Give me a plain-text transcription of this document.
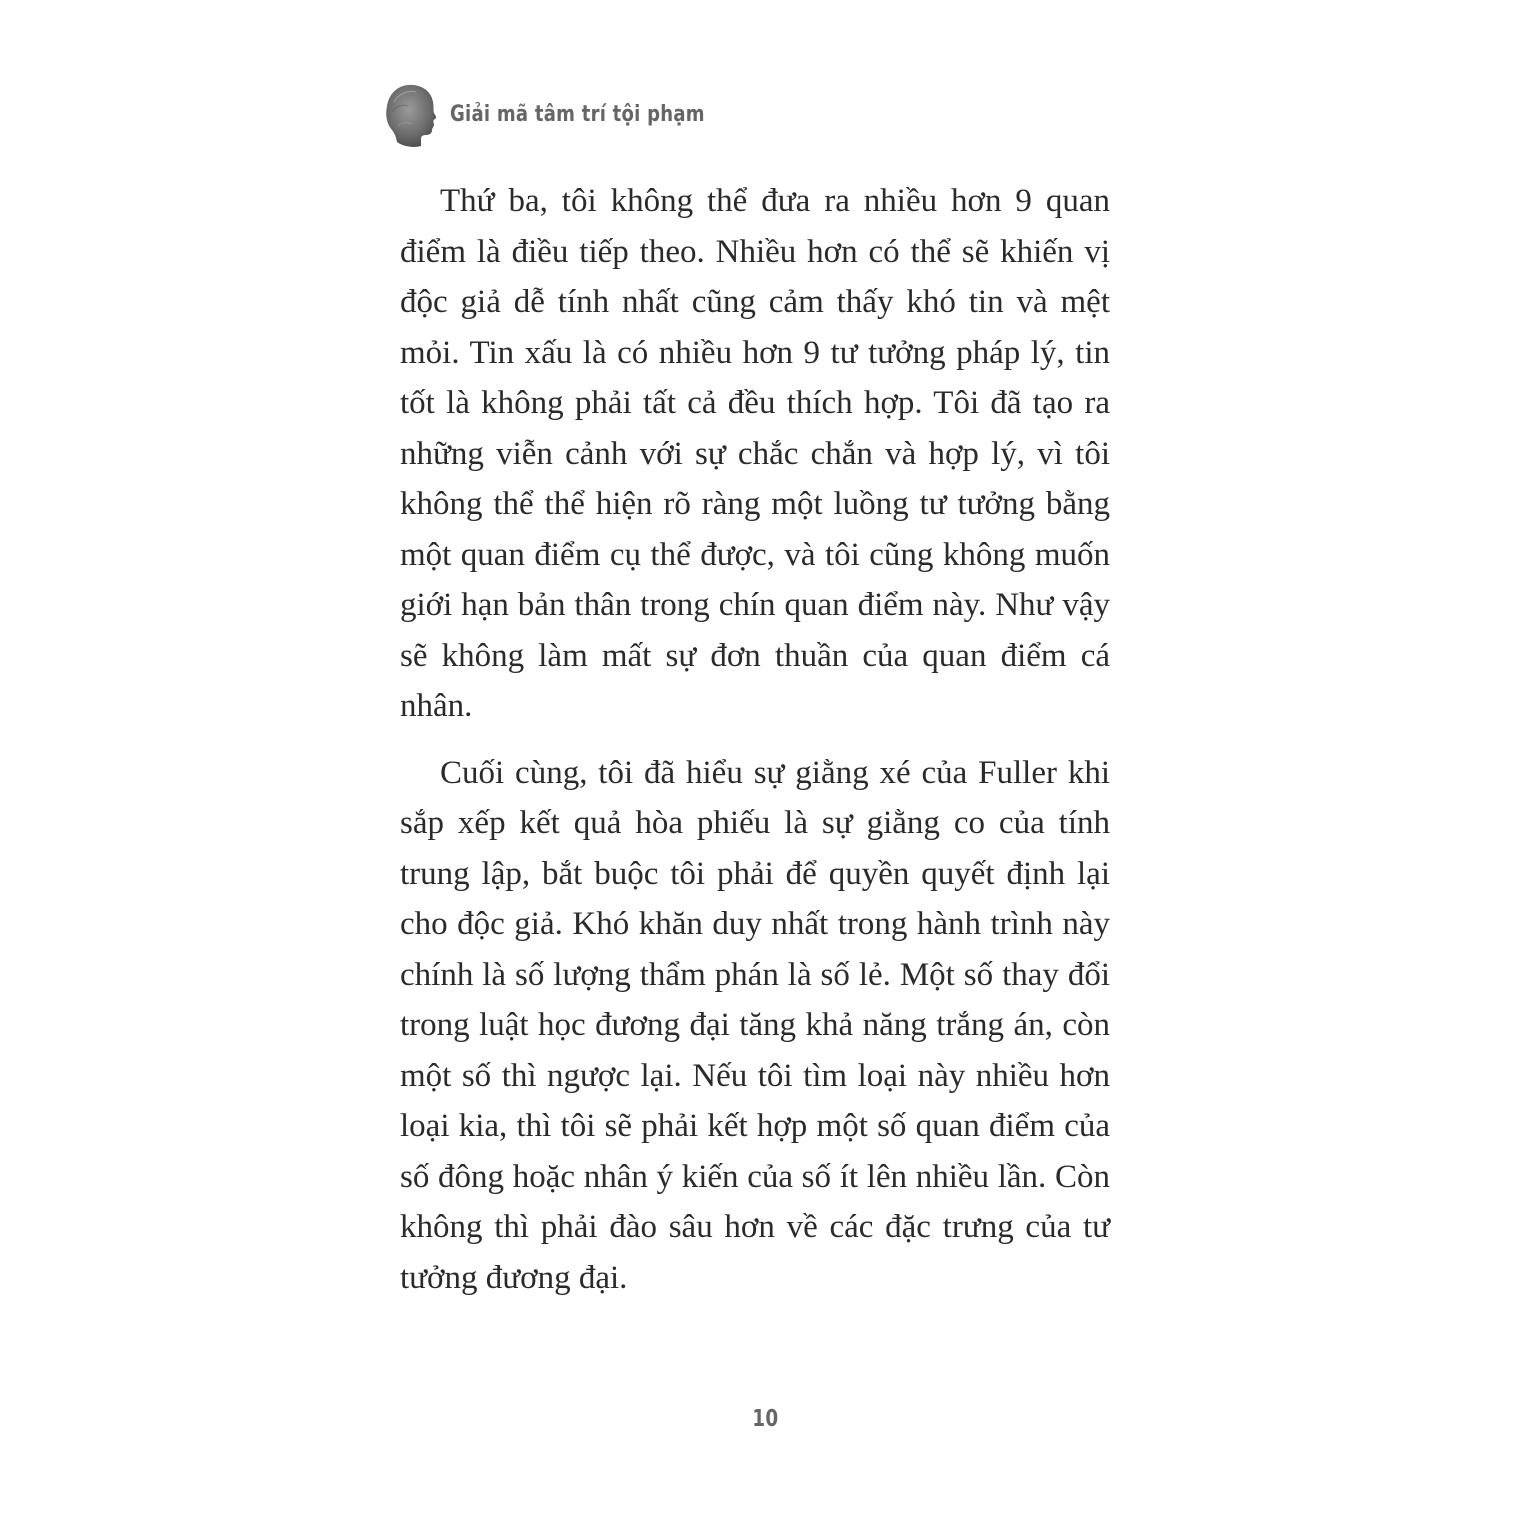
Giải mã tâm trí tội phạm

Thứ ba, tôi không thể đưa ra nhiều hơn 9 quan điểm là điều tiếp theo. Nhiều hơn có thể sẽ khiến vị độc giả dễ tính nhất cũng cảm thấy khó tin và mệt mỏi. Tin xấu là có nhiều hơn 9 tư tưởng pháp lý, tin tốt là không phải tất cả đều thích hợp. Tôi đã tạo ra những viễn cảnh với sự chắc chắn và hợp lý, vì tôi không thể thể hiện rõ ràng một luồng tư tưởng bằng một quan điểm cụ thể được, và tôi cũng không muốn giới hạn bản thân trong chín quan điểm này. Như vậy sẽ không làm mất sự đơn thuần của quan điểm cá nhân.

Cuối cùng, tôi đã hiểu sự giằng xé của Fuller khi sắp xếp kết quả hòa phiếu là sự giằng co của tính trung lập, bắt buộc tôi phải để quyền quyết định lại cho độc giả. Khó khăn duy nhất trong hành trình này chính là số lượng thẩm phán là số lẻ. Một số thay đổi trong luật học đương đại tăng khả năng trắng án, còn một số thì ngược lại. Nếu tôi tìm loại này nhiều hơn loại kia, thì tôi sẽ phải kết hợp một số quan điểm của số đông hoặc nhân ý kiến của số ít lên nhiều lần. Còn không thì phải đào sâu hơn về các đặc trưng của tư tưởng đương đại.

10
